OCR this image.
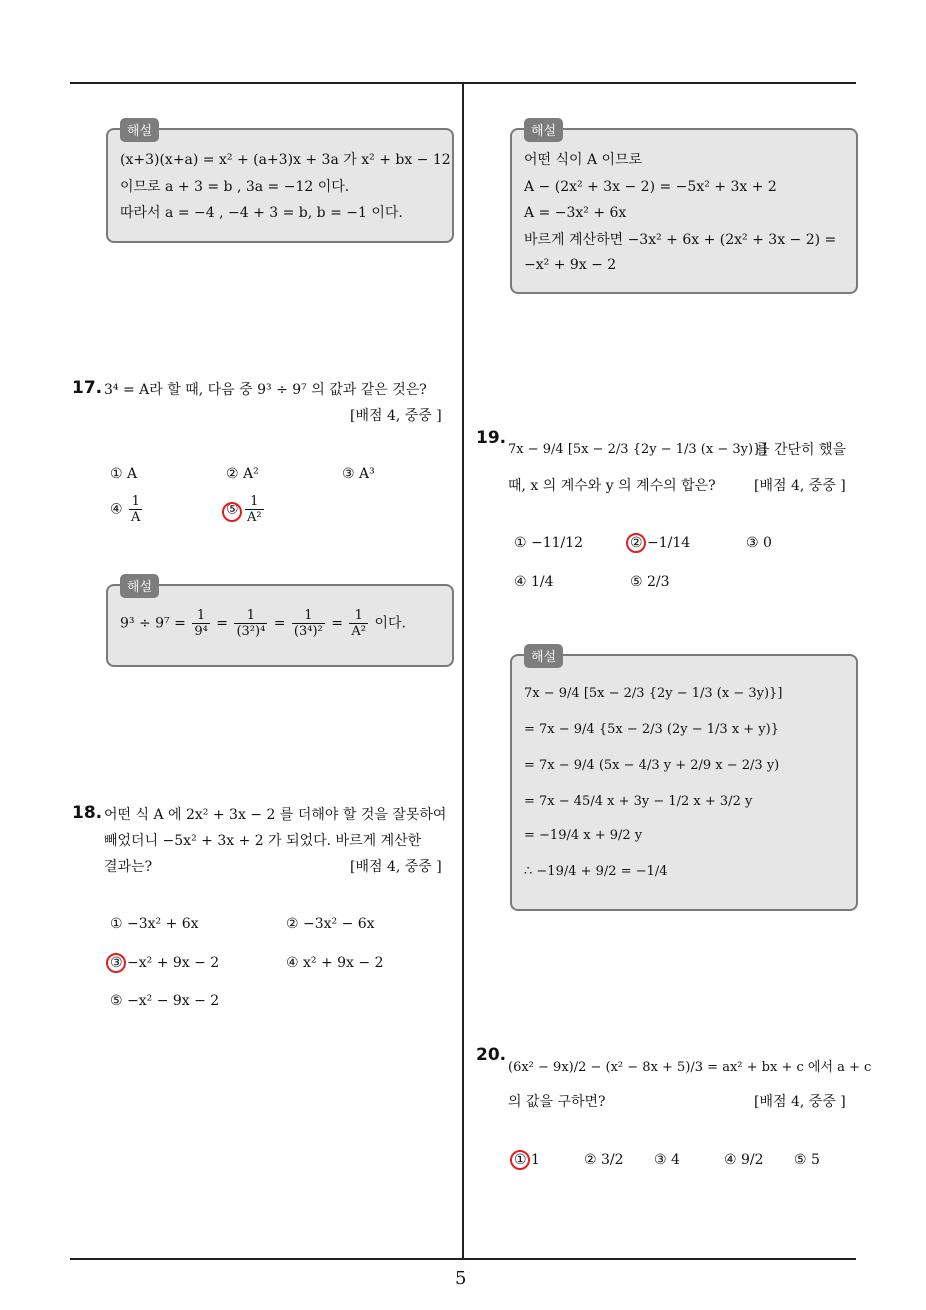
(x+3)(x+a) = x² + (a+3)x + 3a 가 x² + bx − 12
이므로 a + 3 = b , 3a = −12 이다.
따라서 a = −4 , −4 + 3 = b, b = −1 이다.
해설
17. 3⁴ = A라 할 때, 다음 중 9³ ÷ 9⁷ 의 값과 같은 것은?
[배점 4, 중중 ]
① A	② A²	③ A³
④ $\frac{1}{A}$	⑤ $\frac{1}{\text{A²}}$
$9^3 \div 9^7 = \frac{1}{\text{9⁴}} = \frac{1}{\text{(3²)⁴}} = \frac{1}{\text{(3⁴)²}} = \frac{1}{\text{A²}}$ 이다.
해설
18. 어떤 식 A 에 2x² + 3x − 2 를 더해야 할 것을 잘못하여
빼었더니 −5x² + 3x + 2 가 되었다. 바르게 계산한
결과는?	[배점 4, 중중 ]
① −3x² + 6x	② −3x² − 6x
③ −x² + 9x − 2	④ x² + 9x − 2
⑤ −x² − 9x − 2
어떤 식이 A 이므로
A − (2x² + 3x − 2) = −5x² + 3x + 2
A = −3x² + 6x
바르게 계산하면 −3x² + 6x + (2x² + 3x − 2) =
−x² + 9x − 2
해설
19.
7x − 9/4 [5x − 2/3 {2y − 1/3 (x − 3y)}]
를 간단히 했을
때, x 의 계수와 y 의 계수의 합은?	[배점 4, 중중 ]
① −11/12	② −1/14	③ 0
④ 1/4	⑤ 2/3
7x − 9/4 [5x − 2/3 {2y − 1/3 (x − 3y)}]
= 7x − 9/4 {5x − 2/3 (2y − 1/3 x + y)}
= 7x − 9/4 (5x − 4/3 y + 2/9 x − 2/3 y)
= 7x − 45/4 x + 3y − 1/2 x + 3/2 y
= −19/4 x + 9/2 y
∴ −19/4 + 9/2 = −1/4
해설
20.
(6x² − 9x)/2 − (x² − 8x + 5)/3 = ax² + bx + c 에서 a + c
의 값을 구하면?	[배점 4, 중중 ]
① 1	② 3/2 ③ 4	④ 9/2 ⑤ 5
5
